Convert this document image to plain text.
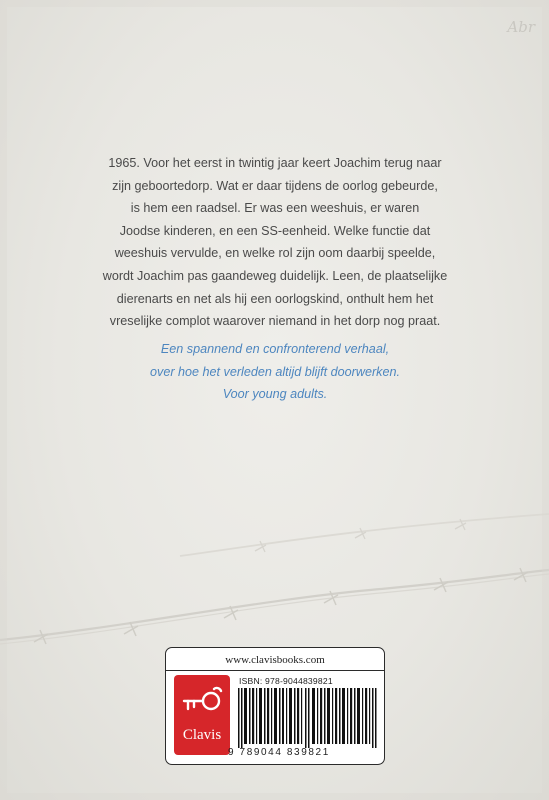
Abr

1965. Voor het eerst in twintig jaar keert Joachim terug naar

zijn geboortedorp. Wat er daar tijdens de oorlog gebeurde,

is hem een raadsel. Er was een weeshuis, er waren

Joodse kinderen, en een SS-eenheid. Welke functie dat

weeshuis vervulde, en welke rol zijn oom daarbij speelde,

wordt Joachim pas gaandeweg duidelijk. Leen, de plaatselijke

dierenarts en net als hij een oorlogskind, onthult hem het

vreselijke complot waarover niemand in het dorp nog praat.

Een spannend en confronterend verhaal,

over hoe het verleden altijd blijft doorwerken.

Voor young adults.

www.clavisbooks.com
Clavis
ISBN: 978-9044839821
9 789044 839821
